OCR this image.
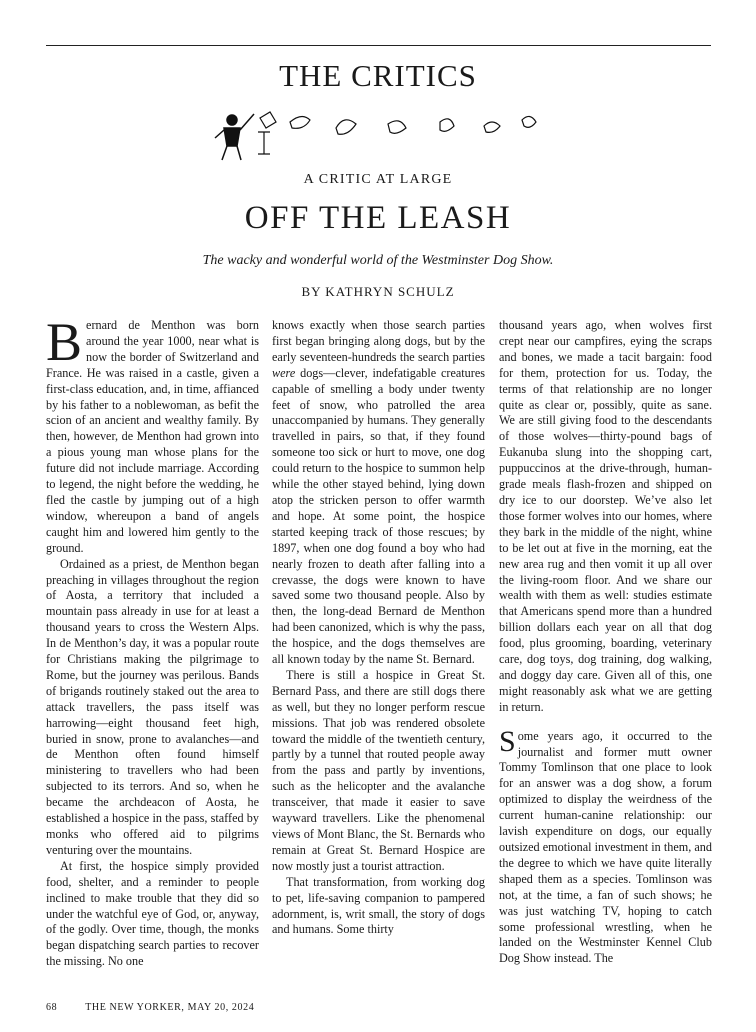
THE CRITICS
A CRITIC AT LARGE
OFF THE LEASH
The wacky and wonderful world of the Westminster Dog Show.
BY KATHRYN SCHULZ

Bernard de Menthon was born around the year 1000, near what is now the border of Switzerland and France. He was raised in a castle, given a first-class education, and, in time, affianced by his father to a noblewoman, as befit the scion of an ancient and wealthy family. By then, however, de Menthon had grown into a pious young man whose plans for the future did not include marriage. According to legend, the night before the wedding, he fled the castle by jumping out of a high window, whereupon a band of angels caught him and lowered him gently to the ground.

Ordained as a priest, de Menthon began preaching in villages throughout the region of Aosta, a territory that included a mountain pass already in use for at least a thousand years to cross the Western Alps. In de Menthon’s day, it was a popular route for Christians making the pilgrimage to Rome, but the journey was perilous. Bands of brigands routinely staked out the area to attack travellers, the pass itself was harrowing—eight thousand feet high, buried in snow, prone to avalanches—and de Menthon often found himself ministering to travellers who had been subjected to its terrors. And so, when he became the archdeacon of Aosta, he established a hospice in the pass, staffed by monks who offered aid to pilgrims venturing over the mountains.

At first, the hospice simply provided food, shelter, and a reminder to people inclined to make trouble that they did so under the watchful eye of God, or, anyway, of the godly. Over time, though, the monks began dispatching search parties to recover the missing. No one

knows exactly when those search parties first began bringing along dogs, but by the early seventeen-hundreds the search parties were dogs—clever, indefatigable creatures capable of smelling a body under twenty feet of snow, who patrolled the area unaccompanied by humans. They generally travelled in pairs, so that, if they found someone too sick or hurt to move, one dog could return to the hospice to summon help while the other stayed behind, lying down atop the stricken person to offer warmth and hope. At some point, the hospice started keeping track of those rescues; by 1897, when one dog found a boy who had nearly frozen to death after falling into a crevasse, the dogs were known to have saved some two thousand people. Also by then, the long-dead Bernard de Menthon had been canonized, which is why the pass, the hospice, and the dogs themselves are all known today by the name St. Bernard.

There is still a hospice in Great St. Bernard Pass, and there are still dogs there as well, but they no longer perform rescue missions. That job was rendered obsolete toward the middle of the twentieth century, partly by a tunnel that routed people away from the pass and partly by inventions, such as the helicopter and the avalanche transceiver, that made it easier to save wayward travellers. Like the phenomenal views of Mont Blanc, the St. Bernards who remain at Great St. Bernard Hospice are now mostly just a tourist attraction.

That transformation, from working dog to pet, life-saving companion to pampered adornment, is, writ small, the story of dogs and humans. Some thirty

thousand years ago, when wolves first crept near our campfires, eying the scraps and bones, we made a tacit bargain: food for them, protection for us. Today, the terms of that relationship are no longer quite as clear or, possibly, quite as sane. We are still giving food to the descendants of those wolves—thirty-pound bags of Eukanuba slung into the shopping cart, puppuccinos at the drive-through, human-grade meals flash-frozen and shipped on dry ice to our doorstep. We’ve also let those former wolves into our homes, where they bark in the middle of the night, whine to be let out at five in the morning, eat the new area rug and then vomit it up all over the living-room floor. And we share our wealth with them as well: studies estimate that Americans spend more than a hundred billion dollars each year on all that dog food, plus grooming, boarding, veterinary care, dog toys, dog training, dog walking, and doggy day care. Given all of this, one might reasonably ask what we are getting in return.

Some years ago, it occurred to the journalist and former mutt owner Tommy Tomlinson that one place to look for an answer was a dog show, a forum optimized to display the weirdness of the current human-canine relationship: our lavish expenditure on dogs, our equally outsized emotional investment in them, and the degree to which we have quite literally shaped them as a species. Tomlinson was not, at the time, a fan of such shows; he was just watching TV, hoping to catch some professional wrestling, when he landed on the Westminster Kennel Club Dog Show instead. The

68	THE NEW YORKER, MAY 20, 2024
